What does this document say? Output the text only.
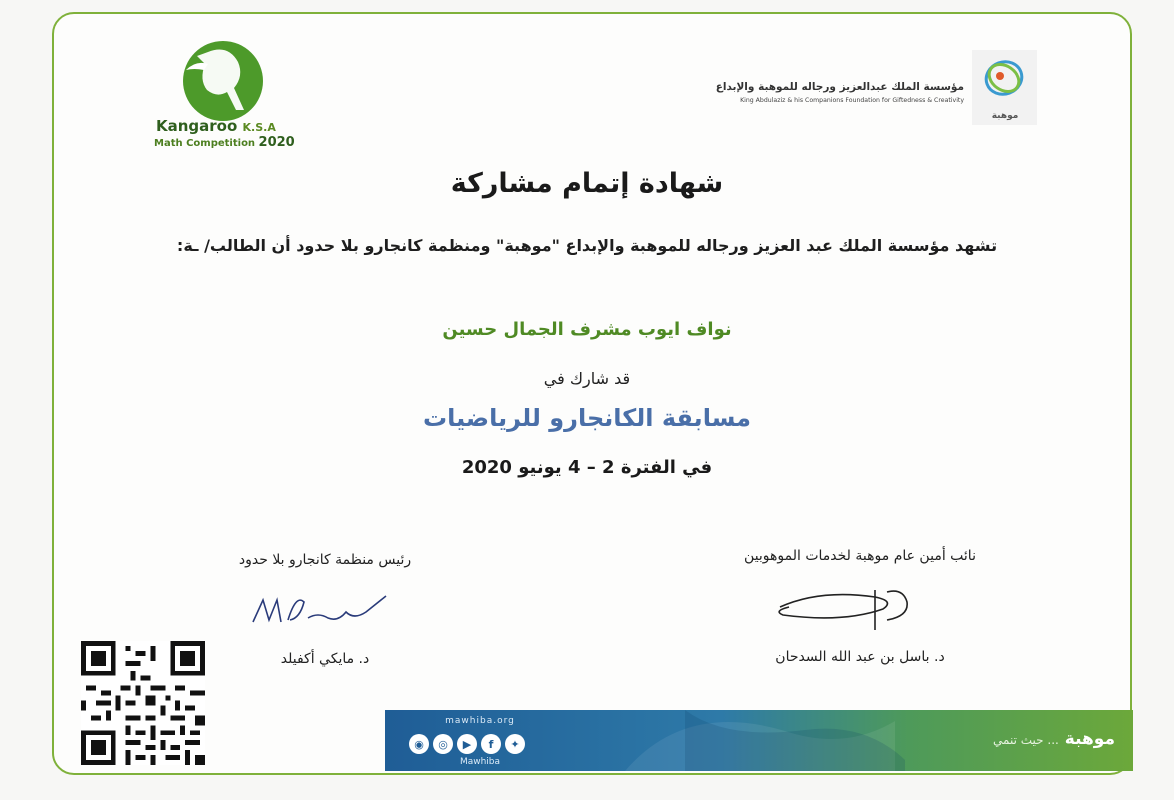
Kangaroo K.S.A
Math Competition 2020
مؤسسة الملك عبدالعزيز ورجاله للموهبة والإبداع
King Abdulaziz & his Companions Foundation for Giftedness & Creativity
موهبة
شهادة إتمام مشاركة
تشهد مؤسسة الملك عبد العزيز ورجاله للموهبة والإبداع "موهبة" ومنظمة كانجارو بلا حدود أن الطالب/ ـة:
نواف ايوب مشرف الجمال حسين
قد شارك في
مسابقة الكانجارو للرياضيات
في الفترة 2 – 4 يونيو 2020
نائب أمين عام موهبة لخدمات الموهوبين
د. باسل بن عبد الله السدحان
رئيس منظمة كانجارو بلا حدود
د. مايكي أكفيلد
mawhiba.org
◉	◎	▶	f	✦
Mawhiba
موهبة ... حيث تنمي
